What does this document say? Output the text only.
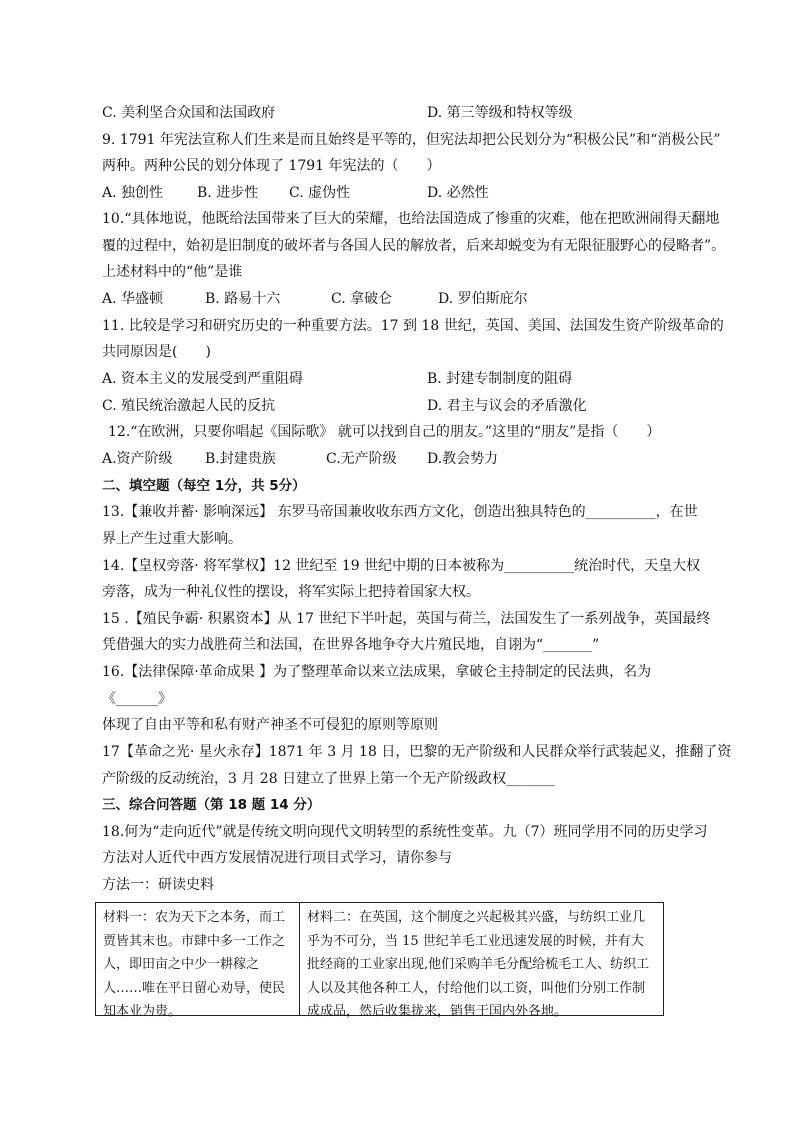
C. 美利坚合众国和法国政府	D. 第三等级和特权等级
9. 1791 年宪法宣称人们生来是而且始终是平等的，但宪法却把公民划分为“积极公民”和“消极公民”
两种。两种公民的划分体现了 1791 年宪法的（　　）
A. 独创性 B. 进步性 C. 虚伪性	D. 必然性
10.“具体地说，他既给法国带来了巨大的荣耀，也给法国造成了惨重的灾难，他在把欧洲闹得天翻地
覆的过程中，始初是旧制度的破坏者与各国人民的解放者，后来却蜕变为有无限征服野心的侵略者”。
上述材料中的“他”是谁
A. 华盛顿	B. 路易十六	C. 拿破仑	D. 罗伯斯庇尔
11. 比较是学习和研究历史的一种重要方法。17 到 18 世纪，英国、美国、法国发生资产阶级革命的
共同原因是(　　)
A. 资本主义的发展受到严重阻碍	B. 封建专制制度的阻碍
C. 殖民统治激起人民的反抗	D. 君主与议会的矛盾激化
12.“在欧洲，只要你唱起《国际歌》 就可以找到自己的朋友。”这里的“朋友”是指（　　）
A.资产阶级 B.封建贵族	C.无产阶级 D.教会势力
二、填空题（每空 1分，共 5分）
13.【兼收并蓄· 影响深远】 东罗马帝国兼收收东西方文化，创造出独具特色的__________，在世
界上产生过重大影响。
14.【皇权旁落· 将军掌权】12 世纪至 19 世纪中期的日本被称为__________统治时代，天皇大权
旁落，成为一种礼仪性的摆设，将军实际上把持着国家大权。
15 .【殖民争霸· 积累资本】从 17 世纪下半叶起，英国与荷兰，法国发生了一系列战争，英国最终
凭借强大的实力战胜荷兰和法国，在世界各地争夺大片殖民地，自诩为“_______”
16.【法律保障·革命成果 】为了整理革命以来立法成果，拿破仑主持制定的民法典，名为
《______》
体现了自由平等和私有财产神圣不可侵犯的原则等原则
17【革命之光· 星火永存】1871 年 3 月 18 日，巴黎的无产阶级和人民群众举行武装起义，推翻了资
产阶级的反动统治，3 月 28 日建立了世界上第一个无产阶级政权_______
三、综合问答题（第 18 题 14 分）
18.何为“走向近代”就是传统文明向现代文明转型的系统性变革。九（7）班同学用不同的历史学习
方法对人近代中西方发展情况进行项目式学习，请你参与
方法一：研读史料
材料一：农为天下之本务，而工贾皆其末也。市肆中多一工作之人，即田亩之中少一耕稼之人……唯在平日留心劝导，使民知本业为贵。
材料二：在英国，这个制度之兴起极其兴盛，与纺织工业几乎为不可分，当 15 世纪羊毛工业迅速发展的时候，并有大批经商的工业家出现,他们采购羊毛分配给梳毛工人、纺织工人以及其他各种工人，付给他们以工资，叫他们分别工作制成成品，然后收集拢来，销售于国内外各地。
